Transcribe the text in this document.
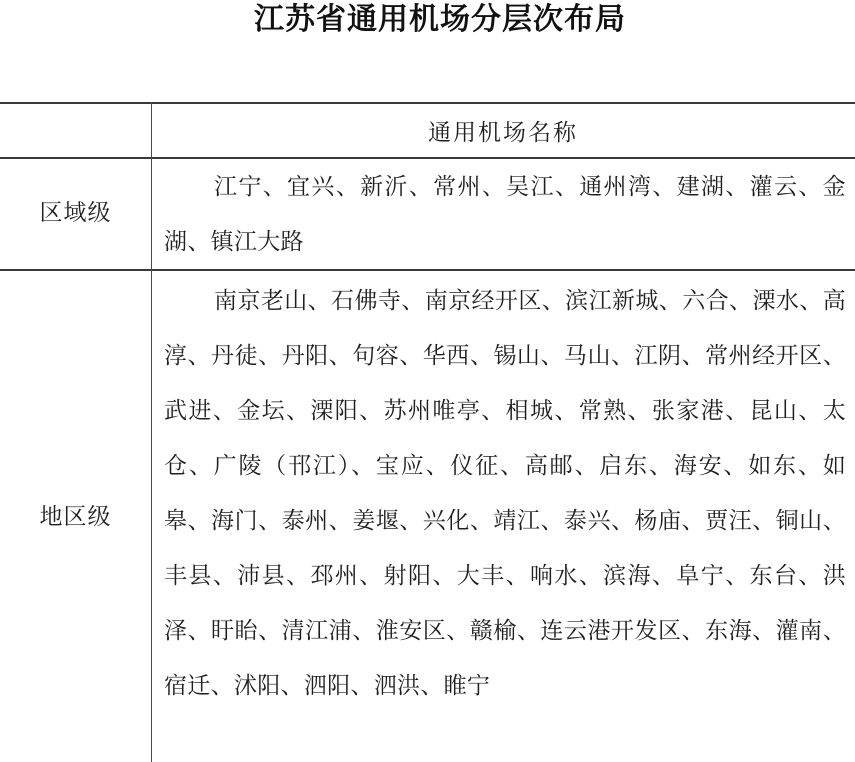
江苏省通用机场分层次布局
通用机场名称
区域级

江宁、宜兴、新沂、常州、吴江、通州湾、建湖、灌云、金湖、镇江大路

地区级

南京老山、石佛寺、南京经开区、滨江新城、六合、溧水、高淳、丹徒、丹阳、句容、华西、锡山、马山、江阴、常州经开区、武进、金坛、溧阳、苏州唯亭、相城、常熟、张家港、昆山、太仓、广陵（邗江）、宝应、仪征、高邮、启东、海安、如东、如皋、海门、泰州、姜堰、兴化、靖江、泰兴、杨庙、贾汪、铜山、丰县、沛县、邳州、射阳、大丰、响水、滨海、阜宁、东台、洪泽、盱眙、清江浦、淮安区、赣榆、连云港开发区、东海、灌南、宿迁、沭阳、泗阳、泗洪、睢宁
